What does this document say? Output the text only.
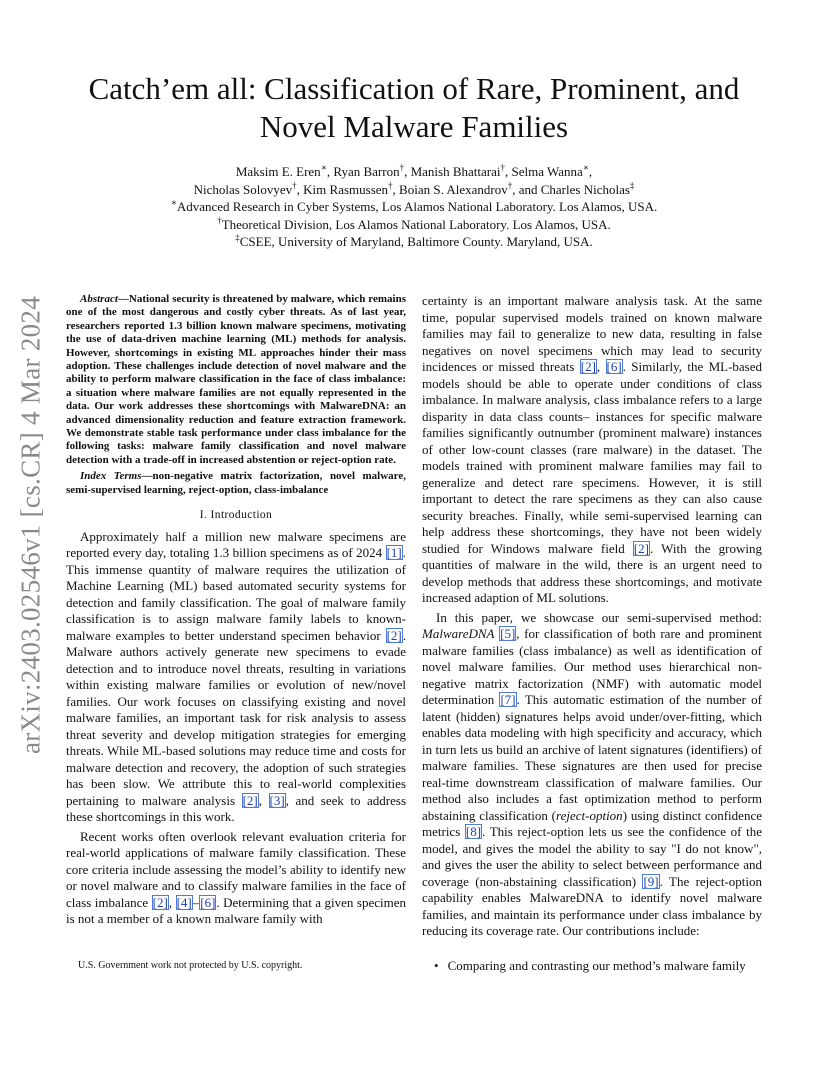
arXiv:2403.02546v1 [cs.CR] 4 Mar 2024
Catch’em all: Classification of Rare, Prominent, and
Novel Malware Families
Maksim E. Eren∗, Ryan Barron†, Manish Bhattarai†, Selma Wanna∗,
Nicholas Solovyev†, Kim Rasmussen†, Boian S. Alexandrov†, and Charles Nicholas‡
∗Advanced Research in Cyber Systems, Los Alamos National Laboratory. Los Alamos, USA.
†Theoretical Division, Los Alamos National Laboratory. Los Alamos, USA.
‡CSEE, University of Maryland, Baltimore County. Maryland, USA.

Abstract—National security is threatened by malware, which remains one of the most dangerous and costly cyber threats. As of last year, researchers reported 1.3 billion known malware specimens, motivating the use of data-driven machine learning (ML) methods for analysis. However, shortcomings in existing ML approaches hinder their mass adoption. These challenges include detection of novel malware and the ability to perform malware classification in the face of class imbalance: a situation where malware families are not equally represented in the data. Our work addresses these shortcomings with MalwareDNA: an advanced dimensionality reduction and feature extraction framework. We demonstrate stable task performance under class imbalance for the following tasks: malware family classification and novel malware detection with a trade-off in increased abstention or reject-option rate.

Index Terms—non-negative matrix factorization, novel malware, semi-supervised learning, reject-option, class-imbalance

I. Introduction

Approximately half a million new malware specimens are reported every day, totaling 1.3 billion specimens as of 2024 [1]. This immense quantity of malware requires the utilization of Machine Learning (ML) based automated security systems for detection and family classification. The goal of malware family classification is to assign malware family labels to known-malware examples to better understand specimen behavior [2]. Malware authors actively generate new specimens to evade detection and to introduce novel threats, resulting in variations within existing malware families or evolution of new/novel families. Our work focuses on classifying existing and novel malware families, an important task for risk analysis to assess threat severity and develop mitigation strategies for emerging threats. While ML-based solutions may reduce time and costs for malware detection and recovery, the adoption of such strategies has been slow. We attribute this to real-world complexities pertaining to malware analysis [2], [3], and seek to address these shortcomings in this work.

Recent works often overlook relevant evaluation criteria for real-world applications of malware family classification. These core criteria include assessing the model’s ability to identify new or novel malware and to classify malware families in the face of class imbalance [2], [4]–[6]. Determining that a given specimen is not a member of a known malware family with

certainty is an important malware analysis task. At the same time, popular supervised models trained on known malware families may fail to generalize to new data, resulting in false negatives on novel specimens which may lead to security incidences or missed threats [2], [6]. Similarly, the ML-based models should be able to operate under conditions of class imbalance. In malware analysis, class imbalance refers to a large disparity in data class counts– instances for specific malware families significantly outnumber (prominent malware) instances of other low-count classes (rare malware) in the dataset. The models trained with prominent malware families may fail to generalize and detect rare specimens. However, it is still important to detect the rare specimens as they can also cause security breaches. Finally, while semi-supervised learning can help address these shortcomings, they have not been widely studied for Windows malware field [2]. With the growing quantities of malware in the wild, there is an urgent need to develop methods that address these shortcomings, and motivate increased adaption of ML solutions.

In this paper, we showcase our semi-supervised method: MalwareDNA [5], for classification of both rare and prominent malware families (class imbalance) as well as identification of novel malware families. Our method uses hierarchical non-negative matrix factorization (NMF) with automatic model determination [7]. This automatic estimation of the number of latent (hidden) signatures helps avoid under/over-fitting, which enables data modeling with high specificity and accuracy, which in turn lets us build an archive of latent signatures (identifiers) of malware families. These signatures are then used for precise real-time downstream classification of malware families. Our method also includes a fast optimization method to perform abstaining classification (reject-option) using distinct confidence metrics [8]. This reject-option lets us see the confidence of the model, and gives the model the ability to say "I do not know", and gives the user the ability to select between performance and coverage (non-abstaining classification) [9]. The reject-option capability enables MalwareDNA to identify novel malware families, and maintain its performance under class imbalance by reducing its coverage rate. Our contributions include:

U.S. Government work not protected by U.S. copyright.	• Comparing and contrasting our method’s malware family
